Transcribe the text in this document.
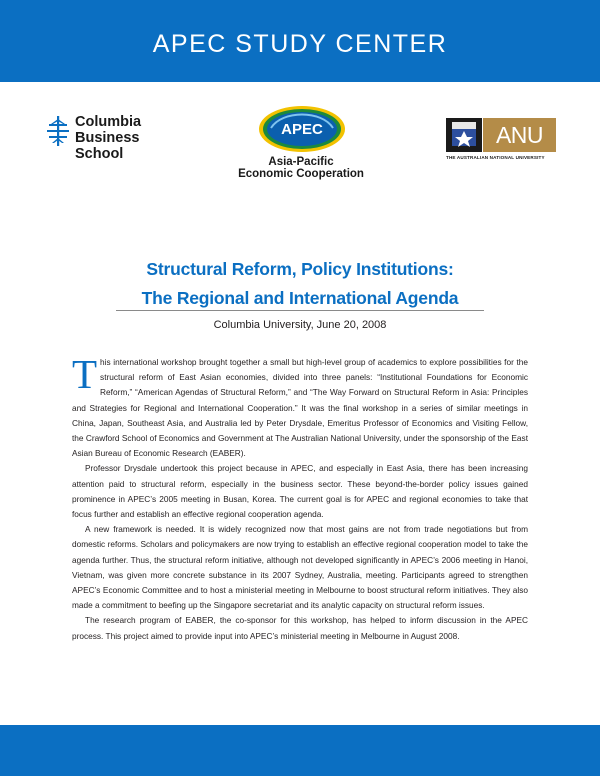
APEC STUDY CENTER
Columbia
Business
School
APEC
Asia-Pacific
Economic Cooperation
ANU
THE AUSTRALIAN NATIONAL UNIVERSITY
Structural Reform, Policy Institutions:
The Regional and International Agenda
Columbia University, June 20, 2008

This international workshop brought together a small but high-level group of academics to explore possibilities for the structural reform of East Asian economies, divided into three panels: “Institutional Foundations for Economic Reform,” “American Agendas of Structural Reform,” and “The Way Forward on Structural Reform in Asia: Principles and Strategies for Regional and International Cooperation.” It was the final workshop in a series of similar meetings in China, Japan, Southeast Asia, and Australia led by Peter Drysdale, Emeritus Professor of Economics and Visiting Fellow, the Crawford School of Economics and Government at The Australian National University, under the sponsorship of the East Asian Bureau of Economic Research (EABER).

Professor Drysdale undertook this project because in APEC, and especially in East Asia, there has been increasing attention paid to structural reform, especially in the business sector. These beyond-the-border policy issues gained prominence in APEC’s 2005 meeting in Busan, Korea. The current goal is for APEC and regional economies to take that focus further and establish an effective regional cooperation agenda.

A new framework is needed. It is widely recognized now that most gains are not from trade negotiations but from domestic reforms. Scholars and policymakers are now trying to establish an effective regional cooperation model to take the agenda further. Thus, the structural reform initiative, although not developed significantly in APEC’s 2006 meeting in Hanoi, Vietnam, was given more concrete substance in its 2007 Sydney, Australia, meeting. Participants agreed to strengthen APEC’s Economic Committee and to host a ministerial meeting in Melbourne to boost structural reform initiatives. They also made a commitment to beefing up the Singapore secretariat and its analytic capacity on structural reform issues.

The research program of EABER, the co-sponsor for this workshop, has helped to inform discussion in the APEC process. This project aimed to provide input into APEC’s ministerial meeting in Melbourne in August 2008.
